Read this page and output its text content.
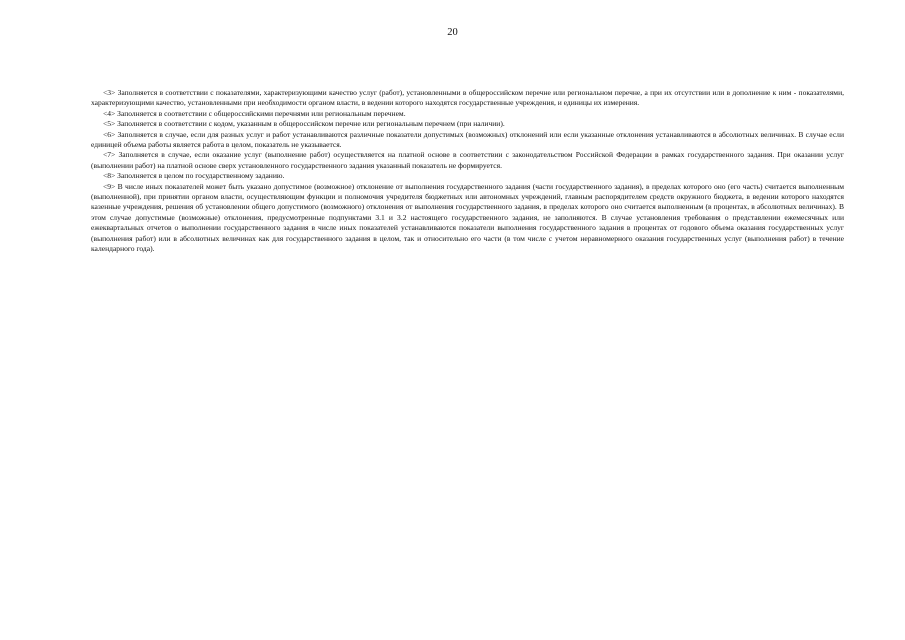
20

<3> Заполняется в соответствии с показателями, характеризующими качество услуг (работ), установленными в общероссийском перечне или региональном перечне, а при их отсутствии или в дополнение к ним - показателями, характеризующими качество, установленными при необходимости органом власти, в ведении которого находятся государственные учреждения, и единицы их измерения.

<4> Заполняется в соответствии с общероссийскими перечнями или региональным перечнем.

<5> Заполняется в соответствии с кодом, указанным в общероссийском перечне или региональным перечнем (при наличии).

<6> Заполняется в случае, если для разных услуг и работ устанавливаются различные показатели допустимых (возможных) отклонений или если указанные отклонения устанавливаются в абсолютных величинах. В случае если единицей объема работы является работа в целом, показатель не указывается.

<7> Заполняется в случае, если оказание услуг (выполнение работ) осуществляется на платной основе в соответствии с законодательством Российской Федерации в рамках государственного задания. При оказании услуг (выполнении работ) на платной основе сверх установленного государственного задания указанный показатель не формируется.

<8> Заполняется в целом по государственному заданию.

<9> В числе иных показателей может быть указано допустимое (возможное) отклонение от выполнения государственного задания (части государственного задания), в пределах которого оно (его часть) считается выполненным (выполненной), при принятии органом власти, осуществляющим функции и полномочия учредителя бюджетных или автономных учреждений, главным распорядителем средств окружного бюджета, в ведении которого находятся казенные учреждения, решения об установлении общего допустимого (возможного) отклонения от выполнения государственного задания, в пределах которого оно считается выполненным (в процентах, в абсолютных величинах). В этом случае допустимые (возможные) отклонения, предусмотренные подпунктами 3.1 и 3.2 настоящего государственного задания, не заполняются. В случае установления требования о представлении ежемесячных или ежеквартальных отчетов о выполнении государственного задания в числе иных показателей устанавливаются показатели выполнения государственного задания в процентах от годового объема оказания государственных услуг (выполнения работ) или в абсолютных величинах как для государственного задания в целом, так и относительно его части (в том числе с учетом неравномерного оказания государственных услуг (выполнения работ) в течение календарного года).
